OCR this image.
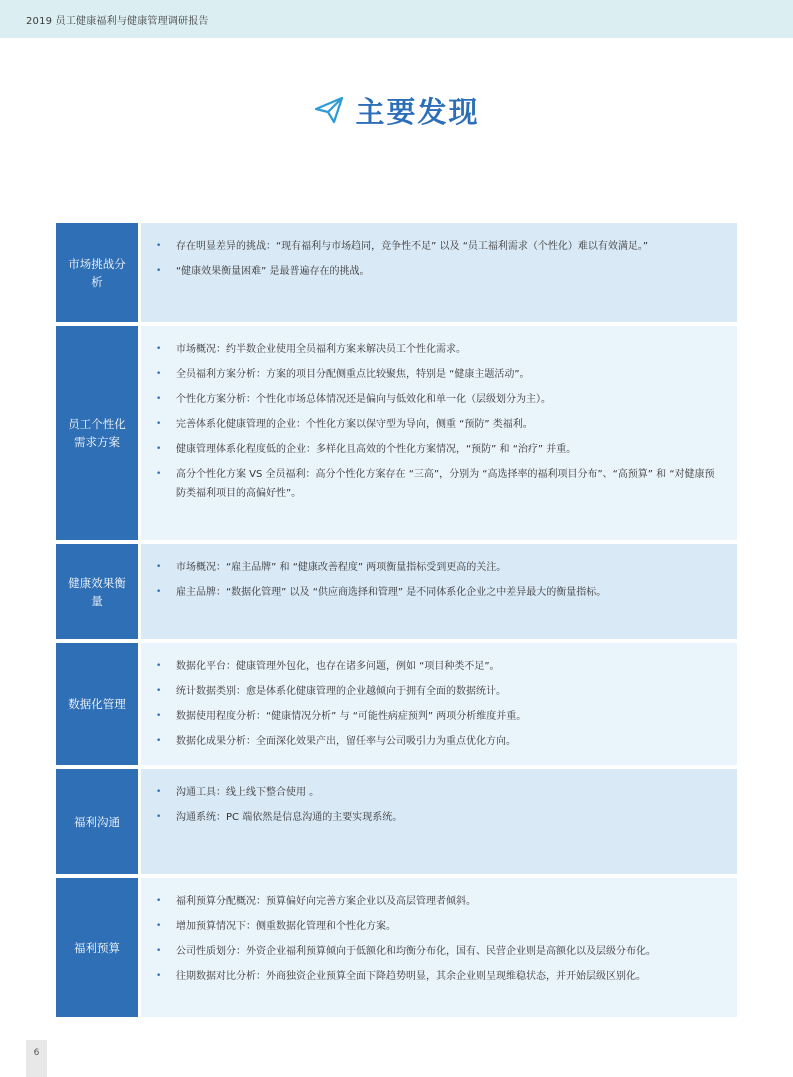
2019 员工健康福利与健康管理调研报告
主要发现
市场挑战分析
• 存在明显差异的挑战：“现有福利与市场趋同，竞争性不足” 以及 “员工福利需求（个性化）难以有效满足。”
• “健康效果衡量困难” 是最普遍存在的挑战。
员工个性化需求方案
• 市场概况：约半数企业使用全员福利方案来解决员工个性化需求。
• 全员福利方案分析：方案的项目分配侧重点比较聚焦，特别是 “健康主题活动”。
• 个性化方案分析：个性化市场总体情况还是偏向与低效化和单一化（层级划分为主）。
• 完善体系化健康管理的企业：个性化方案以保守型为导向，侧重 “预防” 类福利。
• 健康管理体系化程度低的企业：多样化且高效的个性化方案情况，“预防” 和 “治疗” 并重。
• 高分个性化方案 VS 全员福利：高分个性化方案存在 “三高”，分别为 “高选择率的福利项目分布”、“高预算” 和 “对健康预防类福利项目的高偏好性”。
健康效果衡量
• 市场概况：“雇主品牌” 和 “健康改善程度” 两项衡量指标受到更高的关注。
• 雇主品牌：“数据化管理” 以及 “供应商选择和管理” 是不同体系化企业之中差异最大的衡量指标。
数据化管理
• 数据化平台：健康管理外包化，也存在诸多问题，例如 “项目种类不足”。
• 统计数据类别：愈是体系化健康管理的企业越倾向于拥有全面的数据统计。
• 数据使用程度分析：“健康情况分析” 与 “可能性病症预判” 两项分析维度并重。
• 数据化成果分析：全面深化效果产出，留任率与公司吸引力为重点优化方向。
福利沟通
• 沟通工具：线上线下整合使用 。
• 沟通系统：PC 端依然是信息沟通的主要实现系统。
福利预算
• 福利预算分配概况：预算偏好向完善方案企业以及高层管理者倾斜。
• 增加预算情况下：侧重数据化管理和个性化方案。
• 公司性质划分：外资企业福利预算倾向于低额化和均衡分布化，国有、民营企业则是高额化以及层级分布化。
• 往期数据对比分析：外商独资企业预算全面下降趋势明显，其余企业则呈现维稳状态，并开始层级区别化。
6
